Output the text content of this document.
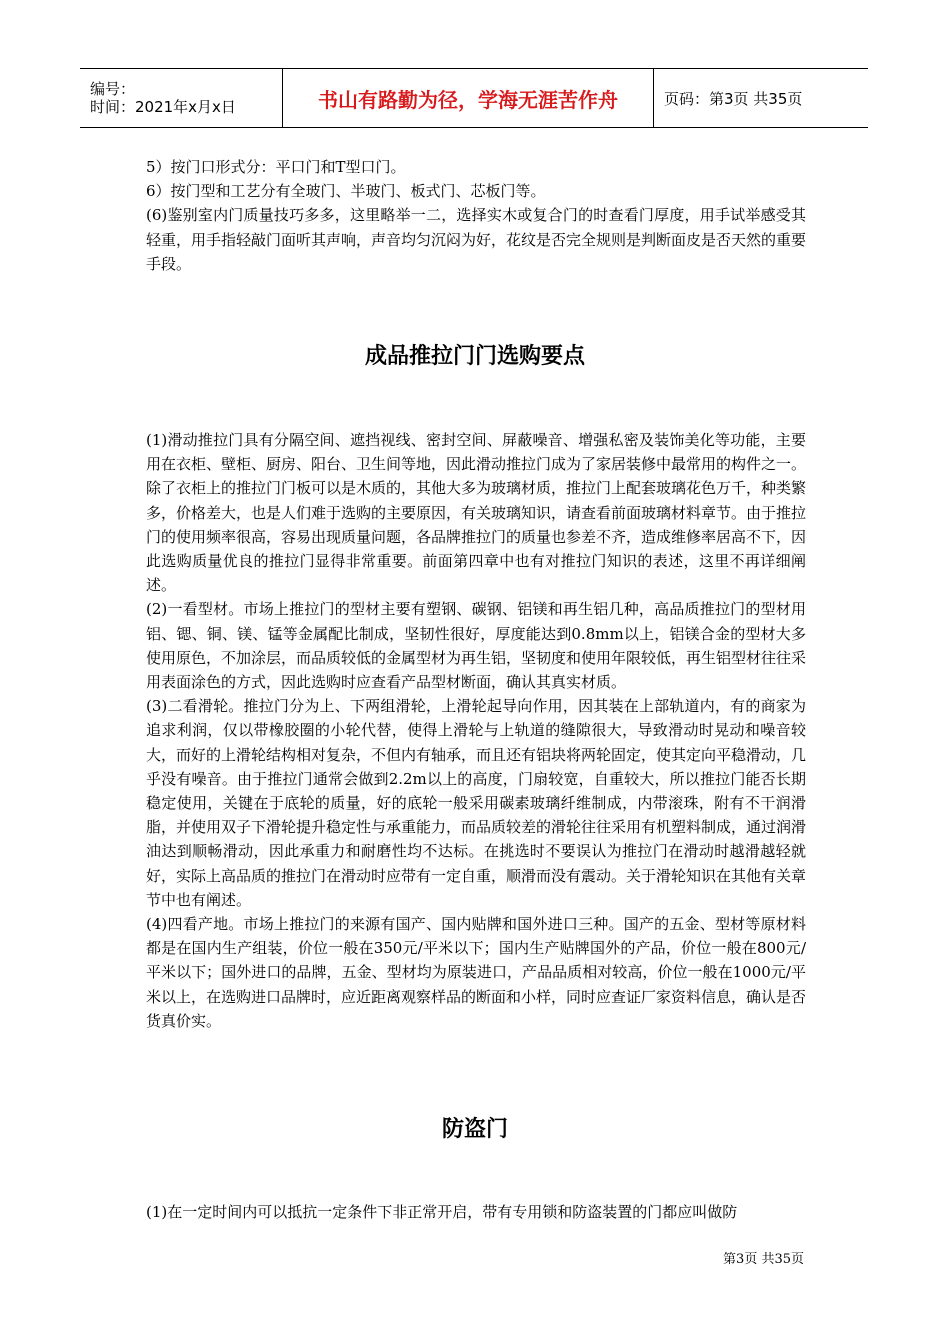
编号：
时间：2021年x月x日	书山有路勤为径，学海无涯苦作舟	页码：第3页 共35页

5）按门口形式分：平口门和T型口门。

6）按门型和工艺分有全玻门、半玻门、板式门、芯板门等。

(6)鉴别室内门质量技巧多多，这里略举一二，选择实木或复合门的时查看门厚度，用手试举感受其轻重，用手指轻敲门面听其声响，声音均匀沉闷为好，花纹是否完全规则是判断面皮是否天然的重要手段。

成品推拉门门选购要点

(1)滑动推拉门具有分隔空间、遮挡视线、密封空间、屏蔽噪音、增强私密及装饰美化等功能，主要用在衣柜、壁柜、厨房、阳台、卫生间等地，因此滑动推拉门成为了家居装修中最常用的构件之一。除了衣柜上的推拉门门板可以是木质的，其他大多为玻璃材质，推拉门上配套玻璃花色万千，种类繁多，价格差大，也是人们难于选购的主要原因，有关玻璃知识，请查看前面玻璃材料章节。由于推拉门的使用频率很高，容易出现质量问题，各品牌推拉门的质量也参差不齐，造成维修率居高不下，因此选购质量优良的推拉门显得非常重要。前面第四章中也有对推拉门知识的表述，这里不再详细阐述。

(2)一看型材。市场上推拉门的型材主要有塑钢、碳钢、铝镁和再生铝几种，高品质推拉门的型材用铝、锶、铜、镁、锰等金属配比制成，坚韧性很好，厚度能达到0.8mm以上，铝镁合金的型材大多使用原色，不加涂层，而品质较低的金属型材为再生铝，坚韧度和使用年限较低，再生铝型材往往采用表面涂色的方式，因此选购时应查看产品型材断面，确认其真实材质。

(3)二看滑轮。推拉门分为上、下两组滑轮，上滑轮起导向作用，因其装在上部轨道内，有的商家为追求利润，仅以带橡胶圈的小轮代替，使得上滑轮与上轨道的缝隙很大，导致滑动时晃动和噪音较大，而好的上滑轮结构相对复杂，不但内有轴承，而且还有铝块将两轮固定，使其定向平稳滑动，几乎没有噪音。由于推拉门通常会做到2.2m以上的高度，门扇较宽，自重较大，所以推拉门能否长期稳定使用，关键在于底轮的质量，好的底轮一般采用碳素玻璃纤维制成，内带滚珠，附有不干润滑脂，并使用双子下滑轮提升稳定性与承重能力，而品质较差的滑轮往往采用有机塑料制成，通过润滑油达到顺畅滑动，因此承重力和耐磨性均不达标。在挑选时不要误认为推拉门在滑动时越滑越轻就好，实际上高品质的推拉门在滑动时应带有一定自重，顺滑而没有震动。关于滑轮知识在其他有关章节中也有阐述。

(4)四看产地。市场上推拉门的来源有国产、国内贴牌和国外进口三种。国产的五金、型材等原材料都是在国内生产组装，价位一般在350元/平米以下；国内生产贴牌国外的产品，价位一般在800元/平米以下；国外进口的品牌，五金、型材均为原装进口，产品品质相对较高，价位一般在1000元/平米以上，在选购进口品牌时，应近距离观察样品的断面和小样，同时应查证厂家资料信息，确认是否货真价实。

防盗门

(1)在一定时间内可以抵抗一定条件下非正常开启，带有专用锁和防盗装置的门都应叫做防

第3页 共35页
